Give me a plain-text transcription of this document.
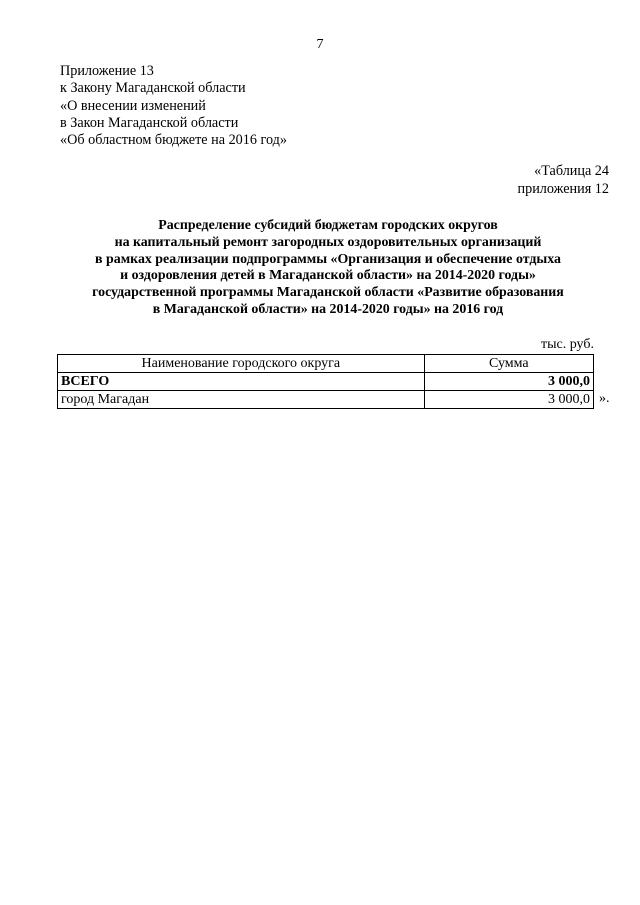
7
Приложение 13
к Закону Магаданской области
«О внесении изменений
в Закон Магаданской области
«Об областном бюджете на 2016 год»
«Таблица 24
приложения 12
Распределение субсидий бюджетам городских округов
на капитальный ремонт загородных оздоровительных организаций
в рамках реализации подпрограммы «Организация и обеспечение отдыха
и оздоровления детей в Магаданской области» на 2014-2020 годы»
государственной программы Магаданской области «Развитие образования
в Магаданской области» на 2014-2020 годы» на 2016 год
тыс. руб.
Наименование городского округа	Сумма
ВСЕГО	3 000,0
город Магадан	3 000,0 ».
